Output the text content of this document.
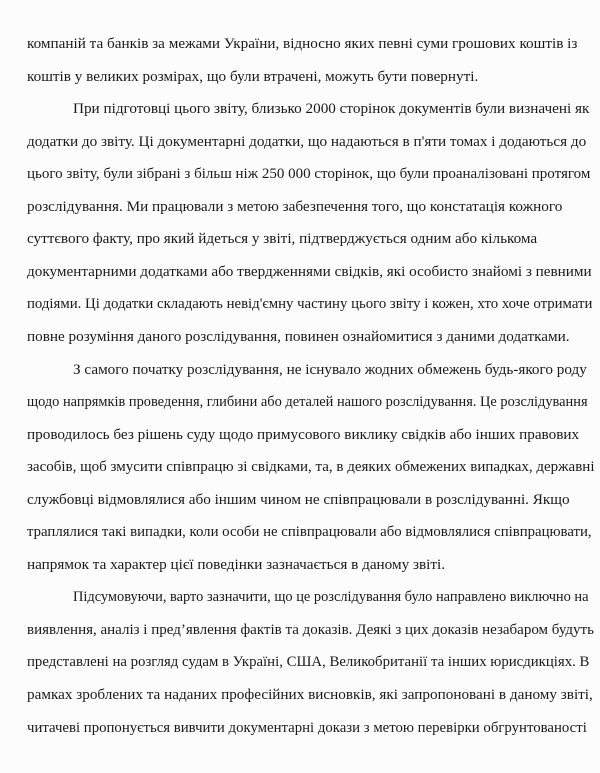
компаній та банків за межами України, відносно яких певні суми грошових коштів із
коштів у великих розмірах, що були втрачені, можуть бути повернуті.
При підготовці цього звіту, близько 2000 сторінок документів були визначені як
додатки до звіту. Ці документарні додатки, що надаються в п'яти томах і додаються до
цього звіту, були зібрані з більш ніж 250 000 сторінок, що були проаналізовані протягом
розслідування. Ми працювали з метою забезпечення того, що констатація кожного
суттєвого факту, про який йдеться у звіті, підтверджується одним або кількома
документарними додатками або твердженнями свідків, які особисто знайомі з певними
подіями. Ці додатки складають невід'ємну частину цього звіту і кожен, хто хоче отримати
повне розуміння даного розслідування, повинен ознайомитися з даними додатками.
З самого початку розслідування, не існувало жодних обмежень будь-якого роду
щодо напрямків проведення, глибини або деталей нашого розслідування. Це розслідування
проводилось без рішень суду щодо примусового виклику свідків або інших правових
засобів, щоб змусити співпрацю зі свідками, та, в деяких обмежених випадках, державні
службовці відмовлялися або іншим чином не співпрацювали в розслідуванні. Якщо
траплялися такі випадки, коли особи не співпрацювали або відмовлялися співпрацювати,
напрямок та характер цієї поведінки зазначається в даному звіті.
Підсумовуючи, варто зазначити, що це розслідування було направлено виключно на
виявлення, аналіз і пред’явлення фактів та доказів. Деякі з цих доказів незабаром будуть
представлені на розгляд судам в Україні, США, Великобританії та інших юрисдикціях. В
рамках зроблених та наданих професійних висновків, які запропоновані в даному звіті,
читачеві пропонується вивчити документарні докази з метою перевірки обгрунтованості
